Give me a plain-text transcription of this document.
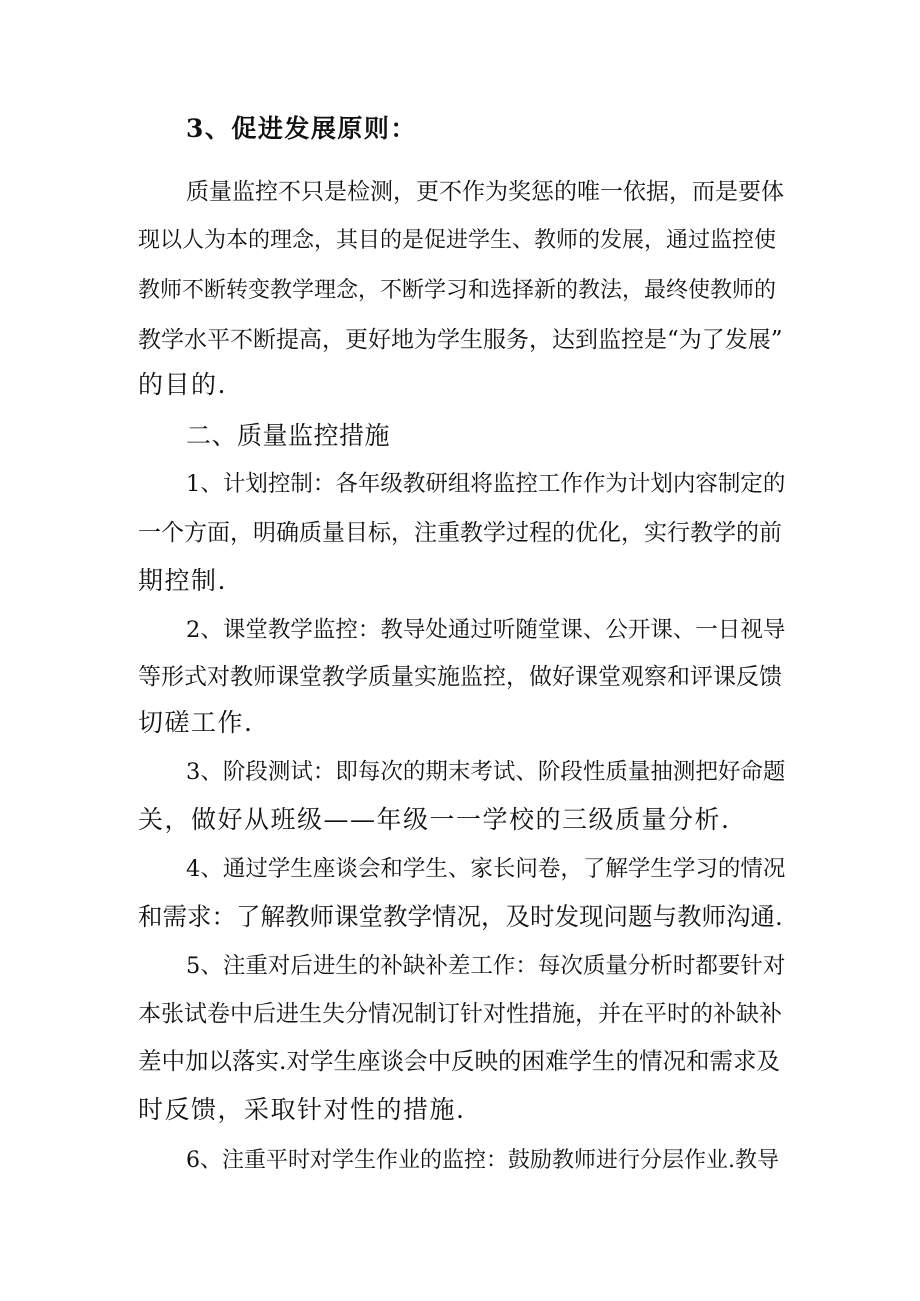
3、促进发展原则：
质量监控不只是检测，更不作为奖惩的唯一依据，而是要体
现以人为本的理念，其目的是促进学生、教师的发展，通过监控使
教师不断转变教学理念，不断学习和选择新的教法，最终使教师的
教学水平不断提高，更好地为学生服务，达到监控是“为了发展”
的目的.
二、质量监控措施
1、计划控制：各年级教研组将监控工作作为计划内容制定的
一个方面，明确质量目标，注重教学过程的优化，实行教学的前
期控制.
2、课堂教学监控：教导处通过听随堂课、公开课、一日视导
等形式对教师课堂教学质量实施监控，做好课堂观察和评课反馈
切磋工作.
3、阶段测试：即每次的期末考试、阶段性质量抽测把好命题
关，做好从班级——年级一一学校的三级质量分析.
4、通过学生座谈会和学生、家长问卷，了解学生学习的情况
和需求：了解教师课堂教学情况，及时发现问题与教师沟通.
5、注重对后进生的补缺补差工作：每次质量分析时都要针对
本张试卷中后进生失分情况制订针对性措施，并在平时的补缺补
差中加以落实.对学生座谈会中反映的困难学生的情况和需求及
时反馈，采取针对性的措施.
6、注重平时对学生作业的监控：鼓励教师进行分层作业.教导
